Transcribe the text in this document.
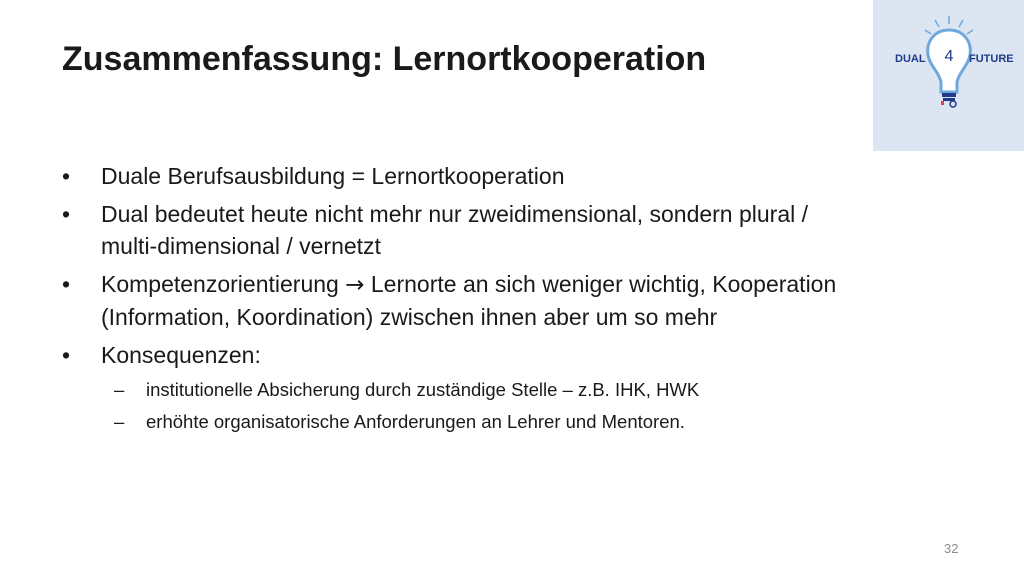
Zusammenfassung: Lernortkooperation	4
DUAL	FUTURE
•	Duale Berufsausbildung = Lernortkooperation
•	Dual bedeutet heute nicht mehr nur zweidimensional, sondern plural /
multi-dimensional / vernetzt
•	Kompetenzorientierung → Lernorte an sich weniger wichtig, Kooperation
(Information, Koordination) zwischen ihnen aber um so mehr
•	Konsequenzen:
– institutionelle Absicherung durch zuständige Stelle – z.B. IHK, HWK
– erhöhte organisatorische Anforderungen an Lehrer und Mentoren.
32
